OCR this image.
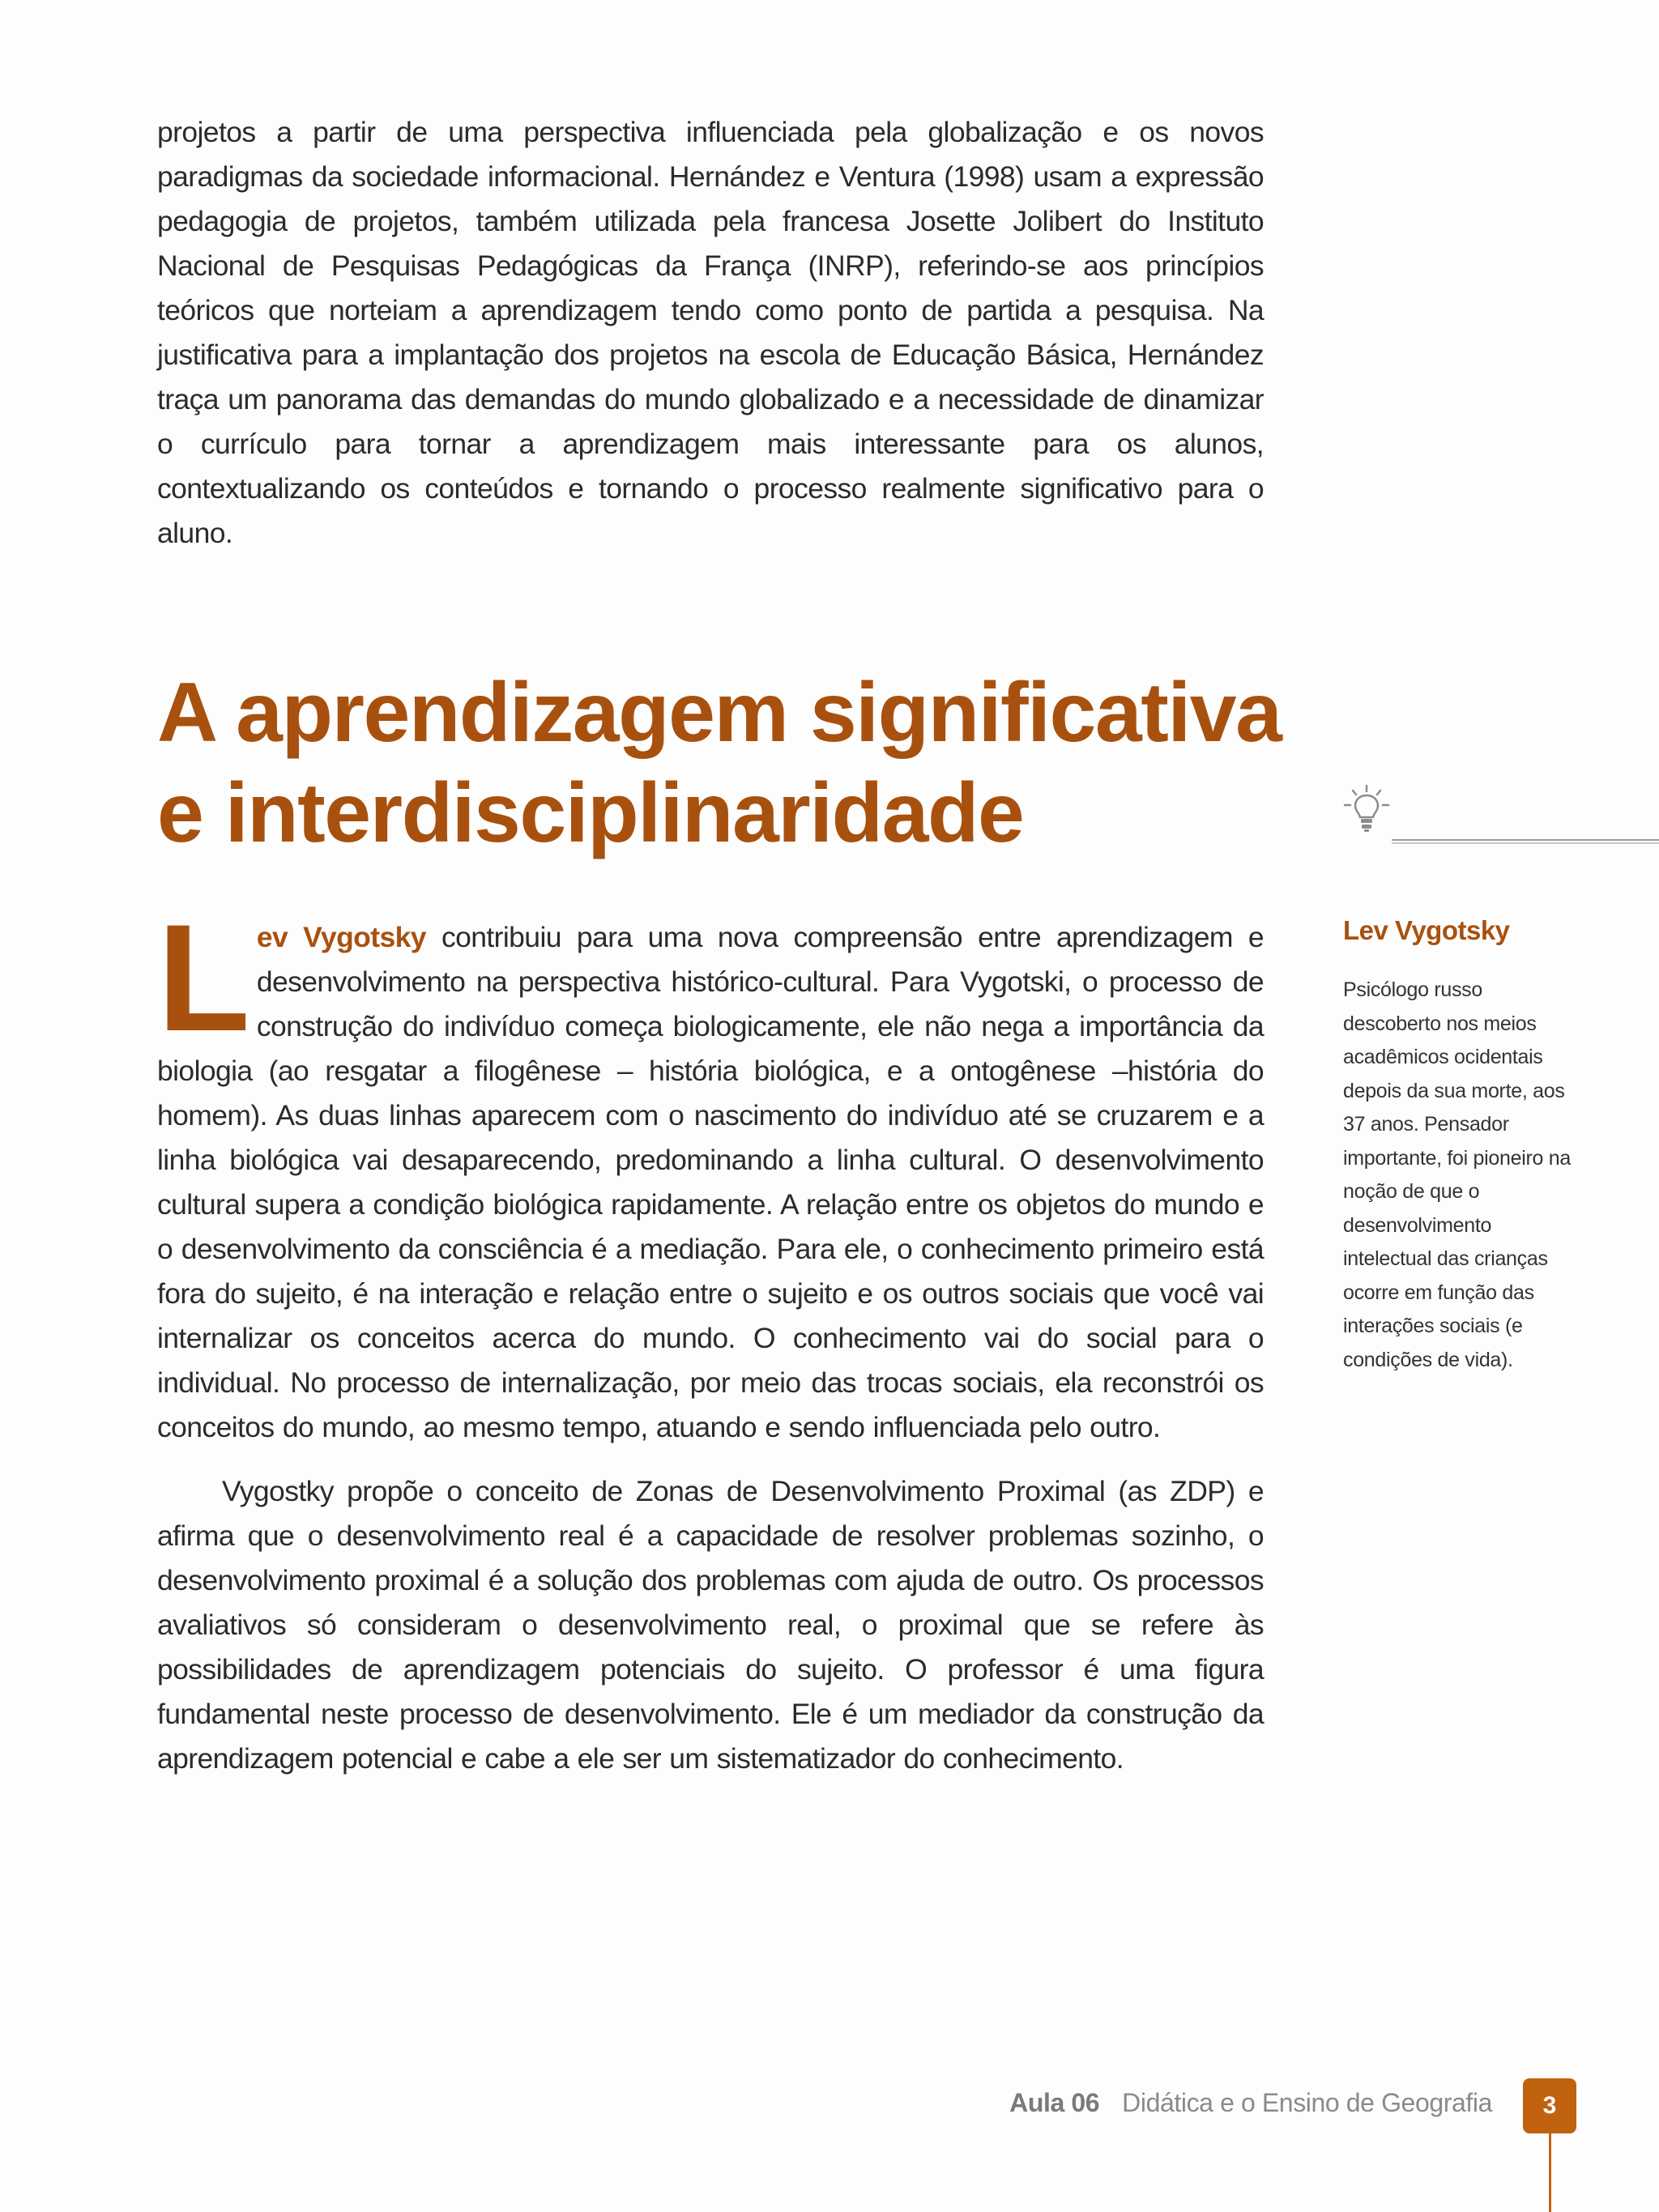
projetos a partir de uma perspectiva influenciada pela globalização e os novos paradigmas da sociedade informacional. Hernández e Ventura (1998) usam a expressão pedagogia de projetos, também utilizada pela francesa Josette Jolibert do Instituto Nacional de Pesquisas Pedagógicas da França (INRP), referindo-se aos princípios teóricos que norteiam a aprendizagem tendo como ponto de partida a pesquisa. Na justificativa para a implantação dos projetos na escola de Educação Básica, Hernández traça um panorama das demandas do mundo globalizado e a necessidade de dinamizar o currículo para tornar a aprendizagem mais interessante para os alunos, contextualizando os conteúdos e tornando o processo realmente significativo para o aluno.

A aprendizagem significativa
e interdisciplinaridade

Lev Vygotsky contribuiu para uma nova compreensão entre aprendizagem e desenvolvimento na perspectiva histórico-cultural. Para Vygotski, o processo de construção do indivíduo começa biologicamente, ele não nega a importância da biologia (ao resgatar a filogênese – história biológica, e a ontogênese –história do homem). As duas linhas aparecem com o nascimento do indivíduo até se cruzarem e a linha biológica vai desaparecendo, predominando a linha cultural. O desenvolvimento cultural supera a condição biológica rapidamente. A relação entre os objetos do mundo e o desenvolvimento da consciência é a mediação. Para ele, o conhecimento primeiro está fora do sujeito, é na interação e relação entre o sujeito e os outros sociais que você vai internalizar os conceitos acerca do mundo. O conhecimento vai do social para o individual. No processo de internalização, por meio das trocas sociais, ela reconstrói os conceitos do mundo, ao mesmo tempo, atuando e sendo influenciada pelo outro.

Vygostky propõe o conceito de Zonas de Desenvolvimento Proximal (as ZDP) e afirma que o desenvolvimento real é a capacidade de resolver problemas sozinho, o desenvolvimento proximal é a solução dos problemas com ajuda de outro. Os processos avaliativos só consideram o desenvolvimento real, o proximal que se refere às possibilidades de aprendizagem potenciais do sujeito. O professor é uma figura fundamental neste processo de desenvolvimento. Ele é um mediador da construção da aprendizagem potencial e cabe a ele ser um sistematizador do conhecimento.

Lev Vygotsky

Psicólogo russo descoberto nos meios acadêmicos ocidentais depois da sua morte, aos 37 anos. Pensador importante, foi pioneiro na noção de que o desenvolvimento intelectual das crianças ocorre em função das interações sociais (e condições de vida).

Aula 06 Didática e o Ensino de Geografia	3
